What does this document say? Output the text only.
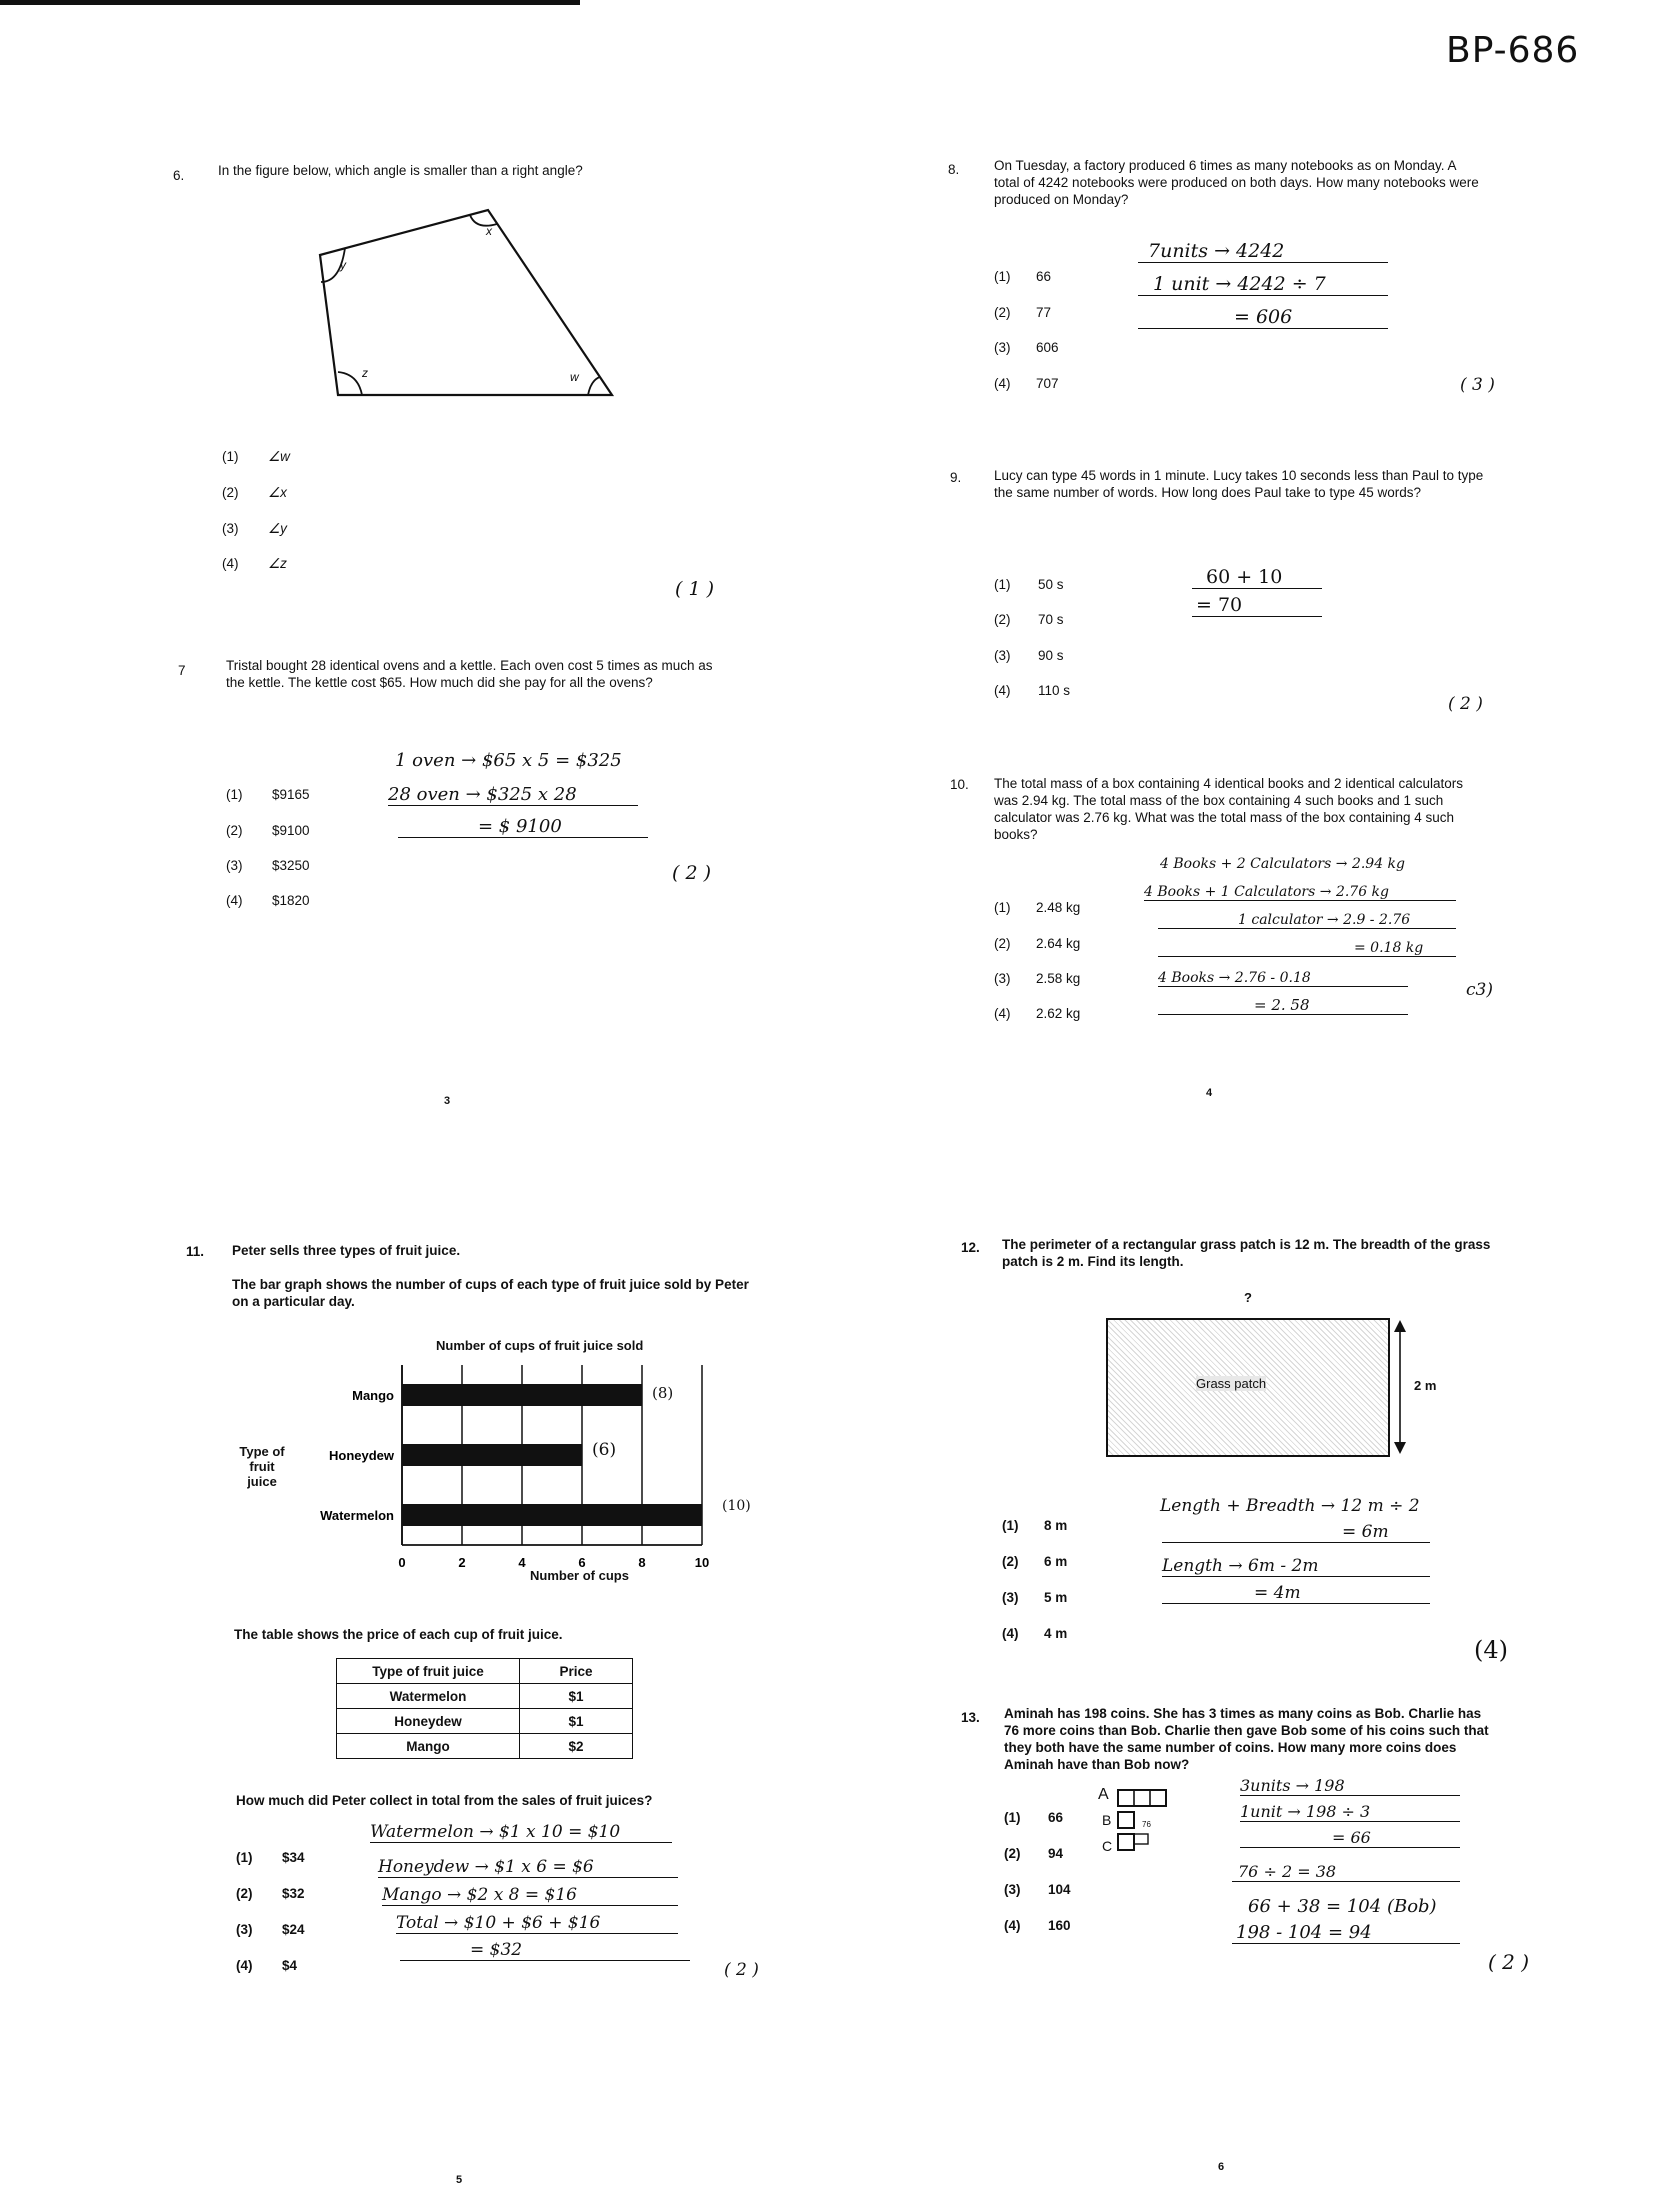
BP-686
6. In the figure below, which angle is smaller than a right angle?
x
y
z	w
(1) ∠w
(2) ∠x
(3) ∠y
(4) ∠z
( 1 )
7	Tristal bought 28 identical ovens and a kettle. Each oven cost 5 times as much as the kettle. The kettle cost $65. How much did she pay for all the ovens?
(1) $9165
(2) $9100
(3) $3250
(4) $1820
1 oven → $65 x 5 = $325
28 oven → $325 x 28
= $ 9100
( 2 )
3
8.	On Tuesday, a factory produced 6 times as many notebooks as on Monday. A total of 4242 notebooks were produced on both days. How many notebooks were produced on Monday?
(1) 66
(2) 77
(3) 606
(4) 707
7units → 4242
1 unit → 4242 ÷ 7
= 606
( 3 )
9. Lucy can type 45 words in 1 minute. Lucy takes 10 seconds less than Paul to type the same number of words. How long does Paul take to type 45 words?
(1) 50 s
(2) 70 s
(3) 90 s
(4) 110 s
60 + 10
= 70
( 2 )
10. The total mass of a box containing 4 identical books and 2 identical calculators was 2.94 kg. The total mass of the box containing 4 such books and 1 such calculator was 2.76 kg. What was the total mass of the box containing 4 such books?
(1) 2.48 kg
(2) 2.64 kg
(3) 2.58 kg
(4) 2.62 kg
4 Books + 2 Calculators → 2.94 kg
4 Books + 1 Calculators → 2.76 kg
1 calculator → 2.9 - 2.76
= 0.18 kg
4 Books → 2.76 - 0.18
= 2. 58
c3)
4
11. Peter sells three types of fruit juice.
The bar graph shows the number of cups of each type of fruit juice sold by Peter on a particular day.
Number of cups of fruit juice sold
Type of
fruit
juice
0	2	4	6	8	10
Mango
Honeydew
Watermelon
Number of cups
(8)
(6)
(10)
The table shows the price of each cup of fruit juice.
Type of fruit juice	Price
Watermelon	$1
Honeydew	$1
Mango	$2
How much did Peter collect in total from the sales of fruit juices?
(1) $34
(2) $32
(3) $24
(4) $4
Watermelon → $1 x 10 = $10
Honeydew → $1 x 6 = $6
Mango → $2 x 8 = $16
Total → $10 + $6 + $16
= $32
( 2 )
5
12. The perimeter of a rectangular grass patch is 12 m. The breadth of the grass patch is 2 m. Find its length.
?
Grass patch	2 m
(1) 8 m
(2) 6 m
(3) 5 m
(4) 4 m
Length + Breadth → 12 m ÷ 2
= 6m
Length → 6m - 2m
= 4m
(4)
13. Aminah has 198 coins. She has 3 times as many coins as Bob. Charlie has 76 more coins than Bob. Charlie then gave Bob some of his coins such that they both have the same number of coins. How many more coins does Aminah have than Bob now?
(1) 66
(2) 94
(3) 104
(4) 160
A
B
C
76
3units → 198
1unit → 198 ÷ 3
= 66
76 ÷ 2 = 38
66 + 38 = 104 (Bob)
198 - 104 = 94
( 2 )
6
